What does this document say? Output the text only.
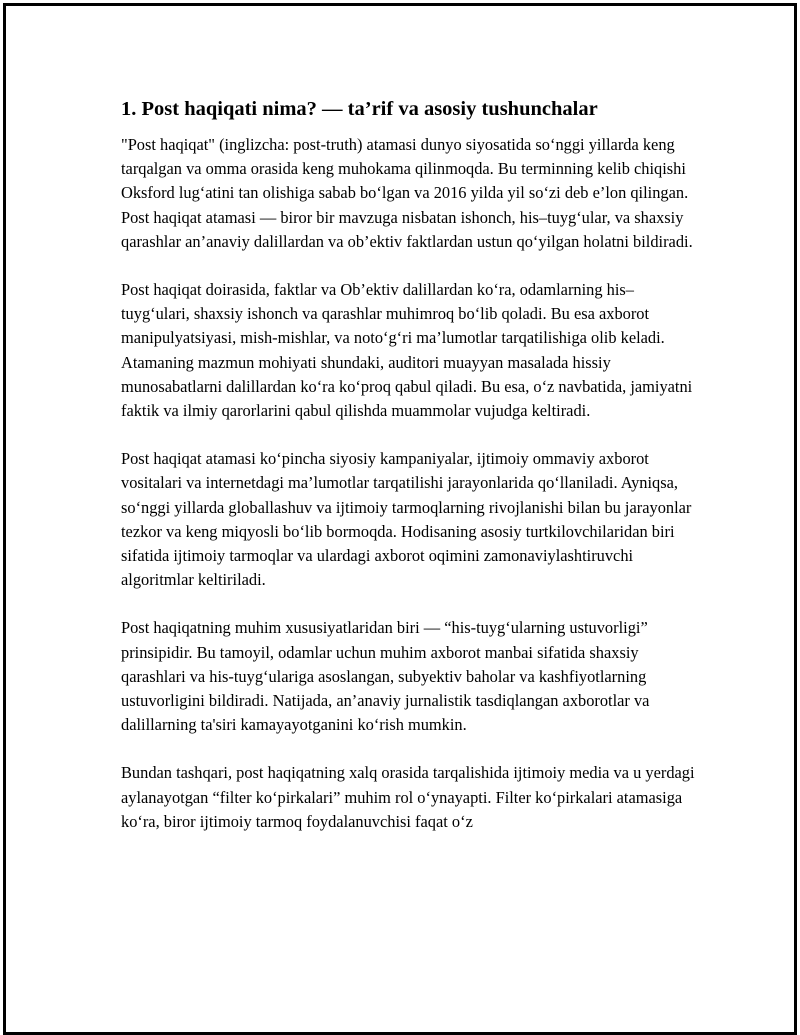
1. Post haqiqati nima? — ta’rif va asosiy tushunchalar

"Post haqiqat" (inglizcha: post-truth) atamasi dunyo siyosatida so‘nggi yillarda keng tarqalgan va omma orasida keng muhokama qilinmoqda. Bu terminning kelib chiqishi Oksford lug‘atini tan olishiga sabab bo‘lgan va 2016 yilda yil so‘zi deb e’lon qilingan. Post haqiqat atamasi — biror bir mavzuga nisbatan ishonch, his–tuyg‘ular, va shaxsiy qarashlar an’anaviy dalillardan va ob’ektiv faktlardan ustun qo‘yilgan holatni bildiradi.

Post haqiqat doirasida, faktlar va Ob’ektiv dalillardan ko‘ra, odamlarning his–tuyg‘ulari, shaxsiy ishonch va qarashlar muhimroq bo‘lib qoladi. Bu esa axborot manipulyatsiyasi, mish-mishlar, va noto‘g‘ri ma’lumotlar tarqatilishiga olib keladi. Atamaning mazmun mohiyati shundaki, auditori muayyan masalada hissiy munosabatlarni dalillardan ko‘ra ko‘proq qabul qiladi. Bu esa, o‘z navbatida, jamiyatni faktik va ilmiy qarorlarini qabul qilishda muammolar vujudga keltiradi.

Post haqiqat atamasi ko‘pincha siyosiy kampaniyalar, ijtimoiy ommaviy axborot vositalari va internetdagi ma’lumotlar tarqatilishi jarayonlarida qo‘llaniladi. Ayniqsa, so‘nggi yillarda globallashuv va ijtimoiy tarmoqlarning rivojlanishi bilan bu jarayonlar tezkor va keng miqyosli bo‘lib bormoqda. Hodisaning asosiy turtkilovchilaridan biri sifatida ijtimoiy tarmoqlar va ulardagi axborot oqimini zamonaviylashtiruvchi algoritmlar keltiriladi.

Post haqiqatning muhim xususiyatlaridan biri — “his-tuyg‘ularning ustuvorligi” prinsipidir. Bu tamoyil, odamlar uchun muhim axborot manbai sifatida shaxsiy qarashlari va his-tuyg‘ulariga asoslangan, subyektiv baholar va kashfiyotlarning ustuvorligini bildiradi. Natijada, an’anaviy jurnalistik tasdiqlangan axborotlar va dalillarning ta'siri kamayayotganini ko‘rish mumkin.

Bundan tashqari, post haqiqatning xalq orasida tarqalishida ijtimoiy media va u yerdagi aylanayotgan “filter ko‘pirkalari” muhim rol o‘ynayapti. Filter ko‘pirkalari atamasiga ko‘ra, biror ijtimoiy tarmoq foydalanuvchisi faqat o‘z
